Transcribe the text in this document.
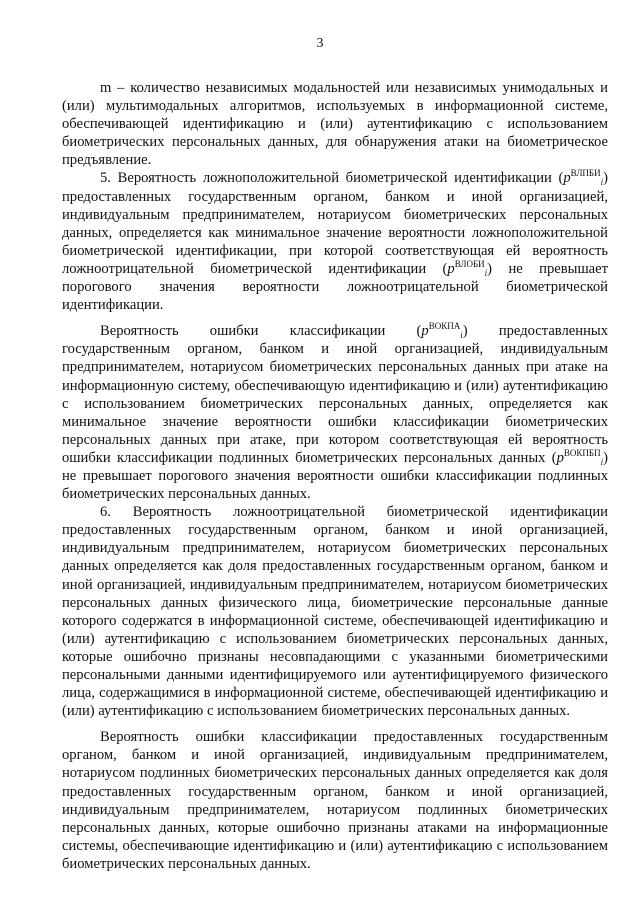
3

m – количество независимых модальностей или независимых унимодальных и (или) мультимодальных алгоритмов, используемых в информационной системе, обеспечивающей идентификацию и (или) аутентификацию с использованием биометрических персональных данных, для обнаружения атаки на биометрическое предъявление.

5. Вероятность ложноположительной биометрической идентификации $(p^{ВЛПБИ}_i)$ предоставленных государственным органом, банком и иной организацией, индивидуальным предпринимателем, нотариусом биометрических персональных данных, определяется как минимальное значение вероятности ложноположительной биометрической идентификации, при которой соответствующая ей вероятность ложноотрицательной биометрической идентификации $(p^{ВЛОБИ}_i)$ не превышает порогового значения вероятности ложноотрицательной биометрической идентификации.

Вероятность ошибки классификации $(p^{ВОКПА}_i)$ предоставленных государственным органом, банком и иной организацией, индивидуальным предпринимателем, нотариусом биометрических персональных данных при атаке на информационную систему, обеспечивающую идентификацию и (или) аутентификацию с использованием биометрических персональных данных, определяется как минимальное значение вероятности ошибки классификации биометрических персональных данных при атаке, при котором соответствующая ей вероятность ошибки классификации подлинных биометрических персональных данных $(p^{ВОКПБП}_i)$ не превышает порогового значения вероятности ошибки классификации подлинных биометрических персональных данных.

6. Вероятность ложноотрицательной биометрической идентификации предоставленных государственным органом, банком и иной организацией, индивидуальным предпринимателем, нотариусом биометрических персональных данных определяется как доля предоставленных государственным органом, банком и иной организацией, индивидуальным предпринимателем, нотариусом биометрических персональных данных физического лица, биометрические персональные данные которого содержатся в информационной системе, обеспечивающей идентификацию и (или) аутентификацию с использованием биометрических персональных данных, которые ошибочно признаны несовпадающими с указанными биометрическими персональными данными идентифицируемого или аутентифицируемого физического лица, содержащимися в информационной системе, обеспечивающей идентификацию и (или) аутентификацию с использованием биометрических персональных данных.

Вероятность ошибки классификации предоставленных государственным органом, банком и иной организацией, индивидуальным предпринимателем, нотариусом подлинных биометрических персональных данных определяется как доля предоставленных государственным органом, банком и иной организацией, индивидуальным предпринимателем, нотариусом подлинных биометрических персональных данных, которые ошибочно признаны атаками на информационные системы, обеспечивающие идентификацию и (или) аутентификацию с использованием биометрических персональных данных.
